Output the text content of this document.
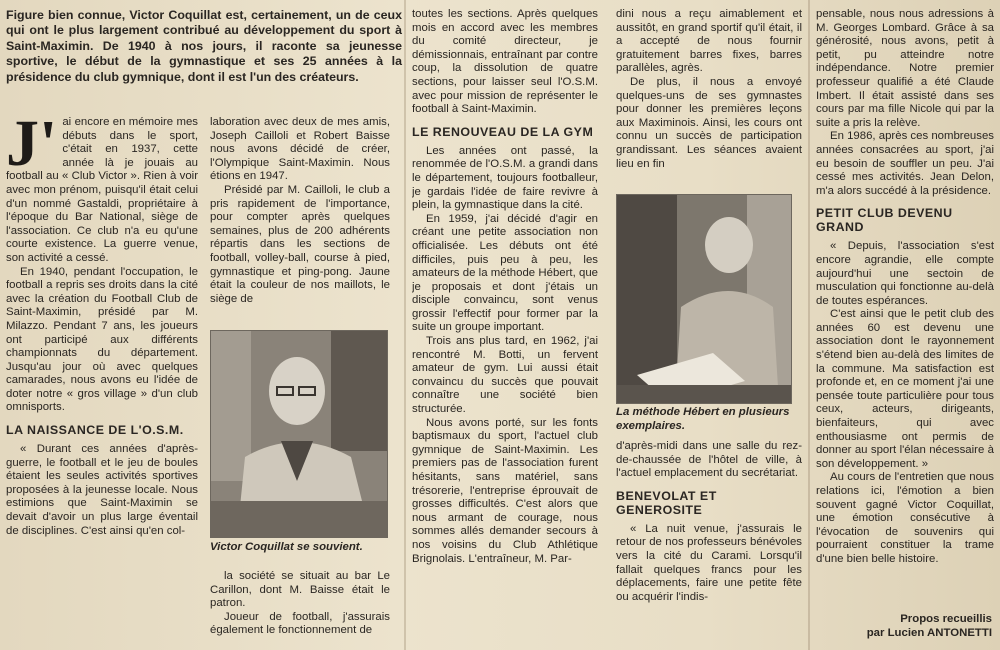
Figure bien connue, Victor Coquillat est, certainement, un de ceux qui ont le plus largement contribué au développement du sport à Saint-Maximin. De 1940 à nos jours, il raconte sa jeunesse sportive, le début de la gymnastique et ses 25 années à la présidence du club gymnique, dont il est l'un des créateurs.
J' ai encore en mémoire mes débuts dans le sport, c'était en 1937, cette année là je jouais au football au « Club Victor ». Rien à voir avec mon prénom, puisqu'il était celui d'un nommé Gastaldi, propriétaire à l'époque du Bar National, siège de l'association. Ce club n'a eu qu'une courte existence. La guerre venue, son activité a cessé.

En 1940, pendant l'occupation, le football a repris ses droits dans la cité avec la création du Football Club de Saint-Maximin, présidé par M. Milazzo. Pendant 7 ans, les joueurs ont participé aux différents championnats du département. Jusqu'au jour où avec quelques camarades, nous avons eu l'idée de doter notre « gros village » d'un club omnisports.

LA NAISSANCE DE L'O.S.M.

« Durant ces années d'après-guerre, le football et le jeu de boules étaient les seules activités sportives proposées à la jeunesse locale. Nous estimions que Saint-Maximin se devait d'avoir un plus large éventail de disciplines. C'est ainsi qu'en col-

laboration avec deux de mes amis, Joseph Cailloli et Robert Baisse nous avons décidé de créer, l'Olympique Saint-Maximin. Nous étions en 1947.

Présidé par M. Cailloli, le club a pris rapidement de l'importance, pour compter après quelques semaines, plus de 200 adhérents répartis dans les sections de football, volley-ball, course à pied, gymnastique et ping-pong. Jaune était la couleur de nos maillots, le siège de

Victor Coquillat se souvient.

la société se situait au bar Le Carillon, dont M. Baisse était le patron.

Joueur de football, j'assurais également le fonctionnement de

toutes les sections. Après quelques mois en accord avec les membres du comité directeur, je démissionnais, entraînant par contre coup, la dissolution de quatre sections, pour laisser seul l'O.S.M. avec pour mission de représenter le football à Saint-Maximin.

LE RENOUVEAU DE LA GYM

Les années ont passé, la renommée de l'O.S.M. a grandi dans le département, toujours footballeur, je gardais l'idée de faire revivre à plein, la gymnastique dans la cité.

En 1959, j'ai décidé d'agir en créant une petite association non officialisée. Les débuts ont été difficiles, puis peu à peu, les amateurs de la méthode Hébert, que je proposais et dont j'étais un disciple convaincu, sont venus grossir l'effectif pour former par la suite un groupe important.

Trois ans plus tard, en 1962, j'ai rencontré M. Botti, un fervent amateur de gym. Lui aussi était convaincu du succès que pouvait connaître une société bien structurée.

Nous avons porté, sur les fonts baptismaux du sport, l'actuel club gymnique de Saint-Maximin. Les premiers pas de l'association furent hésitants, sans matériel, sans trésorerie, l'entreprise éprouvait de grosses difficultés. C'est alors que nous armant de courage, nous sommes allés demander secours à nos voisins du Club Athlétique Brignolais. L'entraîneur, M. Par-

dini nous a reçu aimablement et aussitôt, en grand sportif qu'il était, il a accepté de nous fournir gratuitement barres fixes, barres parallèles, agrès.

De plus, il nous a envoyé quelques-uns de ses gymnastes pour donner les premières leçons aux Maximinois. Ainsi, les cours ont connu un succès de participation grandissant. Les séances avaient lieu en fin

La méthode Hébert en plusieurs exemplaires.

d'après-midi dans une salle du rez-de-chaussée de l'hôtel de ville, à l'actuel emplacement du secrétariat.

BENEVOLAT ET GENEROSITE

« La nuit venue, j'assurais le retour de nos professeurs bénévoles vers la cité du Carami. Lorsqu'il fallait quelques francs pour les déplacements, faire une petite fête ou acquérir l'indis-

pensable, nous nous adressions à M. Georges Lombard. Grâce à sa générosité, nous avons, petit à petit, pu atteindre notre indépendance. Notre premier professeur qualifié a été Claude Imbert. Il était assisté dans ses cours par ma fille Nicole qui par la suite a pris la relève.

En 1986, après ces nombreuses années consacrées au sport, j'ai eu besoin de souffler un peu. J'ai cessé mes activités. Jean Delon, m'a alors succédé à la présidence.

PETIT CLUB DEVENU GRAND

« Depuis, l'association s'est encore agrandie, elle compte aujourd'hui une sectoin de musculation qui fonctionne au-delà de toutes espérances.

C'est ainsi que le petit club des années 60 est devenu une association dont le rayonnement s'étend bien au-delà des limites de la commune. Ma satisfaction est profonde et, en ce moment j'ai une pensée toute particulière pour tous ceux, acteurs, dirigeants, bienfaiteurs, qui avec enthousiasme ont permis de donner au sport l'élan nécessaire à son développement. »

Au cours de l'entretien que nous relations ici, l'émotion a bien souvent gagné Victor Coquillat, une émotion consécutive à l'évocation de souvenirs qui pourraient constituer la trame d'une bien belle histoire.

Propos recueillis
par Lucien ANTONETTI
